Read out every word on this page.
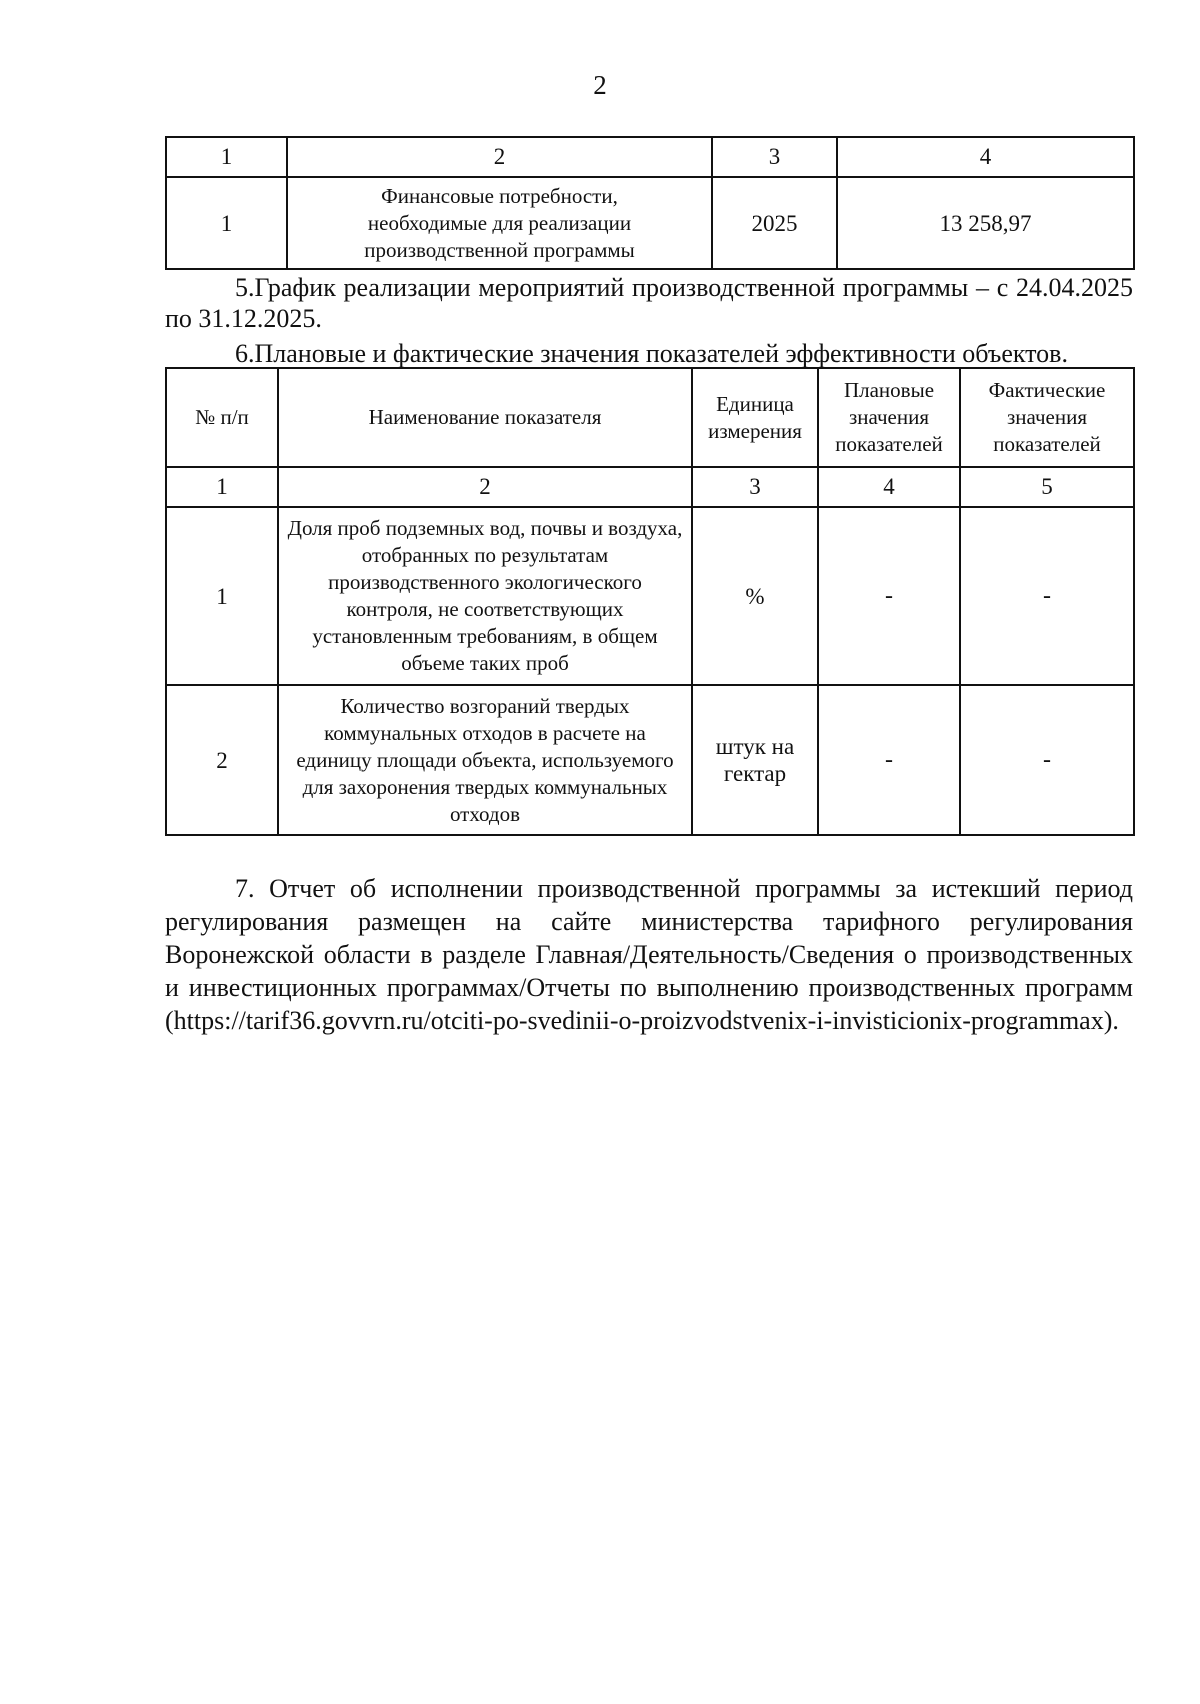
2
1	2	3	4
1	Финансовые потребности, необходимые для реализации производственной программы	2025	13 258,97
5.График реализации мероприятий производственной программы – с 24.04.2025 по 31.12.2025.
6.Плановые и фактические значения показателей эффективности объектов.
№ п/п	Наименование показателя	Единица измерения	Плановые значения показателей	Фактические значения показателей
1	2	3	4	5
1	Доля проб подземных вод, почвы и воздуха, отобранных по результатам производственного экологического контроля, не соответствующих установленным требованиям, в общем объеме таких проб	%	-	-
2	Количество возгораний твердых коммунальных отходов в расчете на единицу площади объекта, используемого для захоронения твердых коммунальных отходов	штук на гектар	-	-
7. Отчет об исполнении производственной программы за истекший период регулирования размещен на сайте министерства тарифного регулирования Воронежской области в разделе Главная/Деятельность/Сведения о производственных и инвестиционных программах/Отчеты по выполнению производственных программ (https://tarif36.govvrn.ru/otciti-po-svedinii-o-proizvodstvenix-i-invisticionix-programmax).
